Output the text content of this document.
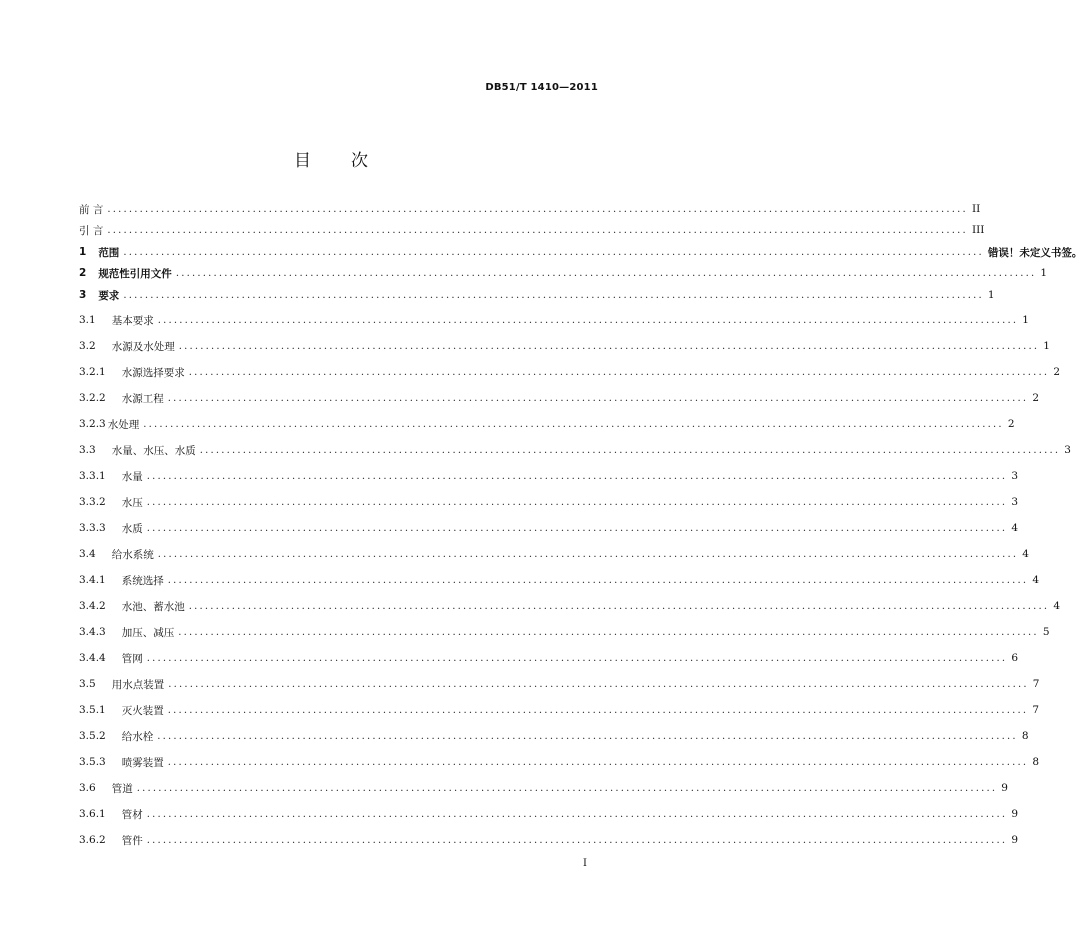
DB51/T 1410—2011
目 次
前 言 ................................................................................................................................................................ II
引 言 ................................................................................................................................................................ III
1 范围 ................................................................................................................................................................ 错误！未定义书签。
2 规范性引用文件 ................................................................................................................................................................ 1
3 要求 ................................................................................................................................................................ 1
3.1 基本要求 ................................................................................................................................................................ 1
3.2 水源及水处理 ................................................................................................................................................................ 1
3.2.1 水源选择要求 ................................................................................................................................................................ 2
3.2.2 水源工程 ................................................................................................................................................................ 2
3.2.3 水处理 ................................................................................................................................................................ 2
3.3 水量、水压、水质 ................................................................................................................................................................ 3
3.3.1 水量 ................................................................................................................................................................ 3
3.3.2 水压 ................................................................................................................................................................ 3
3.3.3 水质 ................................................................................................................................................................ 4
3.4 给水系统 ................................................................................................................................................................ 4
3.4.1 系统选择 ................................................................................................................................................................ 4
3.4.2 水池、蓄水池 ................................................................................................................................................................ 4
3.4.3 加压、减压 ................................................................................................................................................................ 5
3.4.4 管网 ................................................................................................................................................................ 6
3.5 用水点装置 ................................................................................................................................................................ 7
3.5.1 灭火装置 ................................................................................................................................................................ 7
3.5.2 给水栓 ................................................................................................................................................................ 8
3.5.3 喷雾装置 ................................................................................................................................................................ 8
3.6 管道 ................................................................................................................................................................ 9
3.6.1 管材 ................................................................................................................................................................ 9
3.6.2 管件 ................................................................................................................................................................ 9
I
